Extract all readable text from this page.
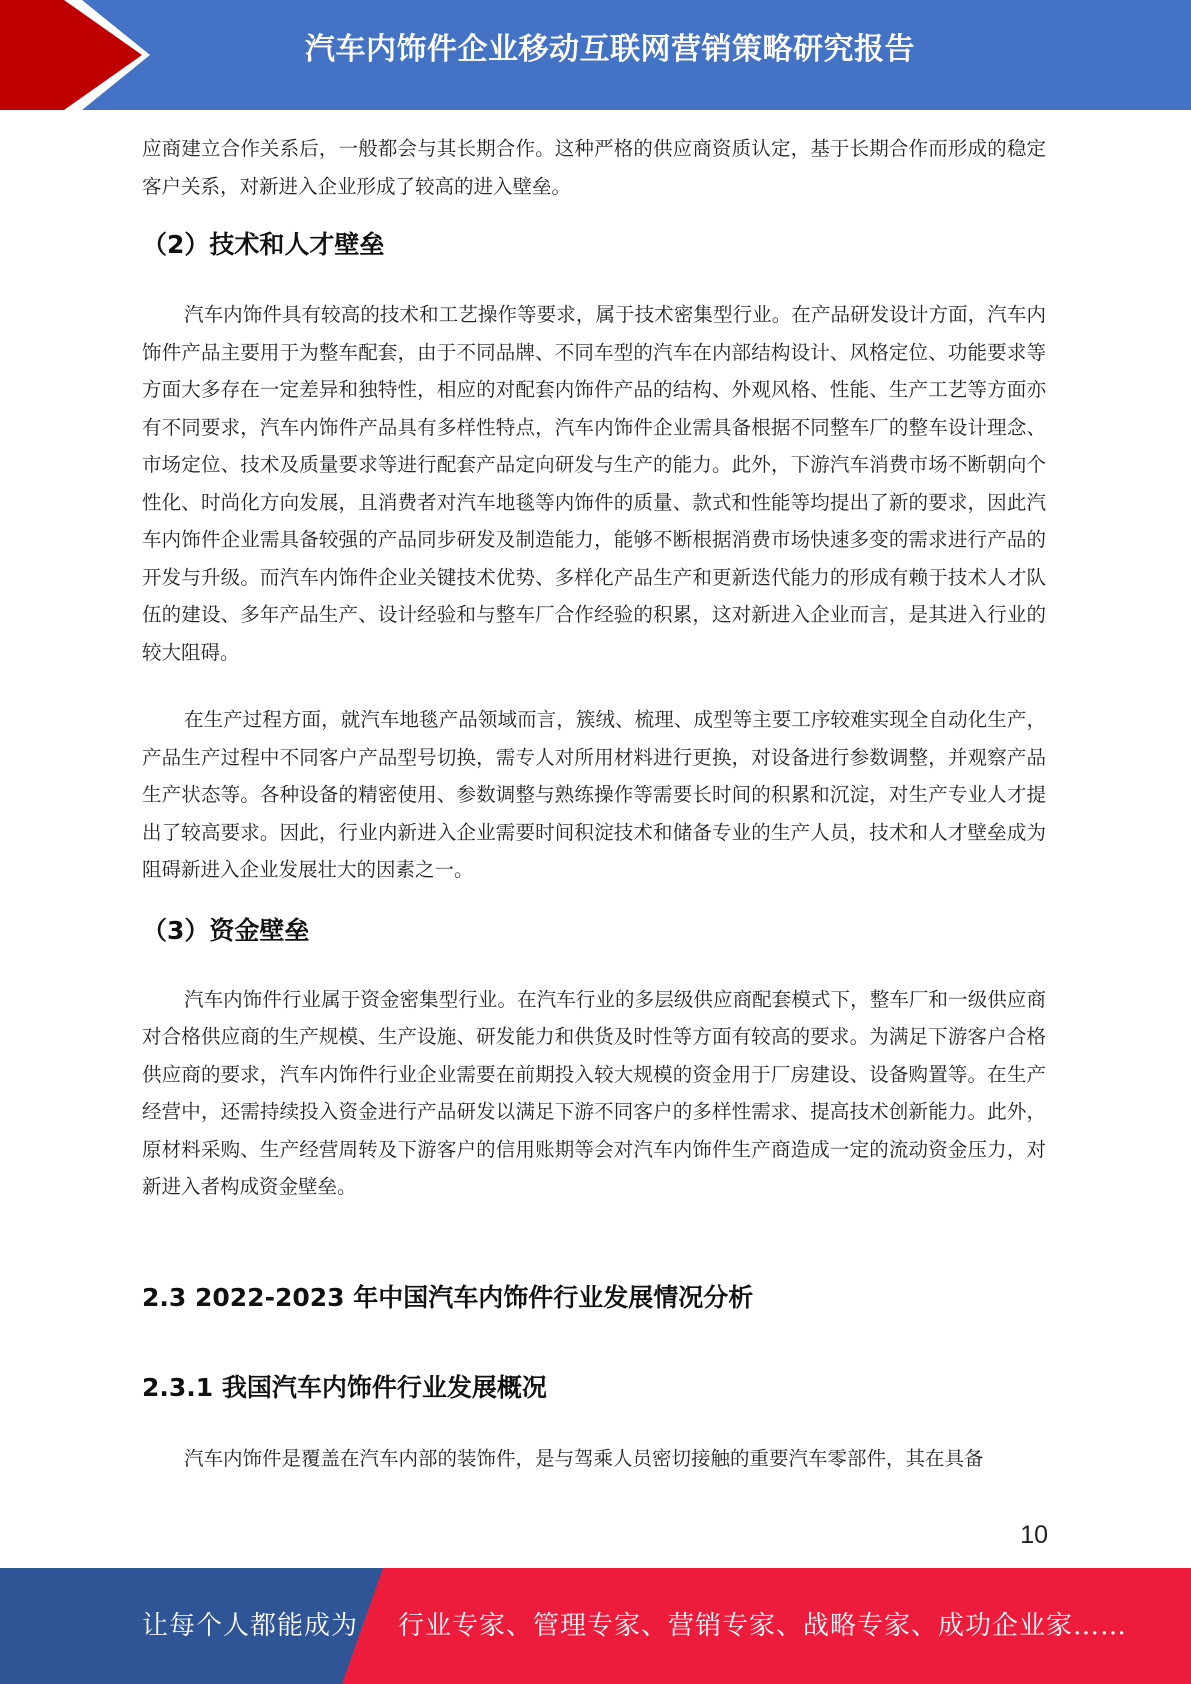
汽车内饰件企业移动互联网营销策略研究报告

应商建立合作关系后，一般都会与其长期合作。这种严格的供应商资质认定，基于长期合作而形成的稳定客户关系，对新进入企业形成了较高的进入壁垒。

（2）技术和人才壁垒

汽车内饰件具有较高的技术和工艺操作等要求，属于技术密集型行业。在产品研发设计方面，汽车内饰件产品主要用于为整车配套，由于不同品牌、不同车型的汽车在内部结构设计、风格定位、功能要求等方面大多存在一定差异和独特性，相应的对配套内饰件产品的结构、外观风格、性能、生产工艺等方面亦有不同要求，汽车内饰件产品具有多样性特点，汽车内饰件企业需具备根据不同整车厂的整车设计理念、市场定位、技术及质量要求等进行配套产品定向研发与生产的能力。此外，下游汽车消费市场不断朝向个性化、时尚化方向发展，且消费者对汽车地毯等内饰件的质量、款式和性能等均提出了新的要求，因此汽车内饰件企业需具备较强的产品同步研发及制造能力，能够不断根据消费市场快速多变的需求进行产品的开发与升级。而汽车内饰件企业关键技术优势、多样化产品生产和更新迭代能力的形成有赖于技术人才队伍的建设、多年产品生产、设计经验和与整车厂合作经验的积累，这对新进入企业而言，是其进入行业的较大阻碍。

在生产过程方面，就汽车地毯产品领域而言，簇绒、梳理、成型等主要工序较难实现全自动化生产，产品生产过程中不同客户产品型号切换，需专人对所用材料进行更换，对设备进行参数调整，并观察产品生产状态等。各种设备的精密使用、参数调整与熟练操作等需要长时间的积累和沉淀，对生产专业人才提出了较高要求。因此，行业内新进入企业需要时间积淀技术和储备专业的生产人员，技术和人才壁垒成为阻碍新进入企业发展壮大的因素之一。

（3）资金壁垒

汽车内饰件行业属于资金密集型行业。在汽车行业的多层级供应商配套模式下，整车厂和一级供应商对合格供应商的生产规模、生产设施、研发能力和供货及时性等方面有较高的要求。为满足下游客户合格供应商的要求，汽车内饰件行业企业需要在前期投入较大规模的资金用于厂房建设、设备购置等。在生产经营中，还需持续投入资金进行产品研发以满足下游不同客户的多样性需求、提高技术创新能力。此外，原材料采购、生产经营周转及下游客户的信用账期等会对汽车内饰件生产商造成一定的流动资金压力，对新进入者构成资金壁垒。

2.3 2022-2023 年中国汽车内饰件行业发展情况分析
2.3.1 我国汽车内饰件行业发展概况

汽车内饰件是覆盖在汽车内部的装饰件，是与驾乘人员密切接触的重要汽车零部件，其在具备

10
让每个人都能成为 行业专家、管理专家、营销专家、战略专家、成功企业家……
